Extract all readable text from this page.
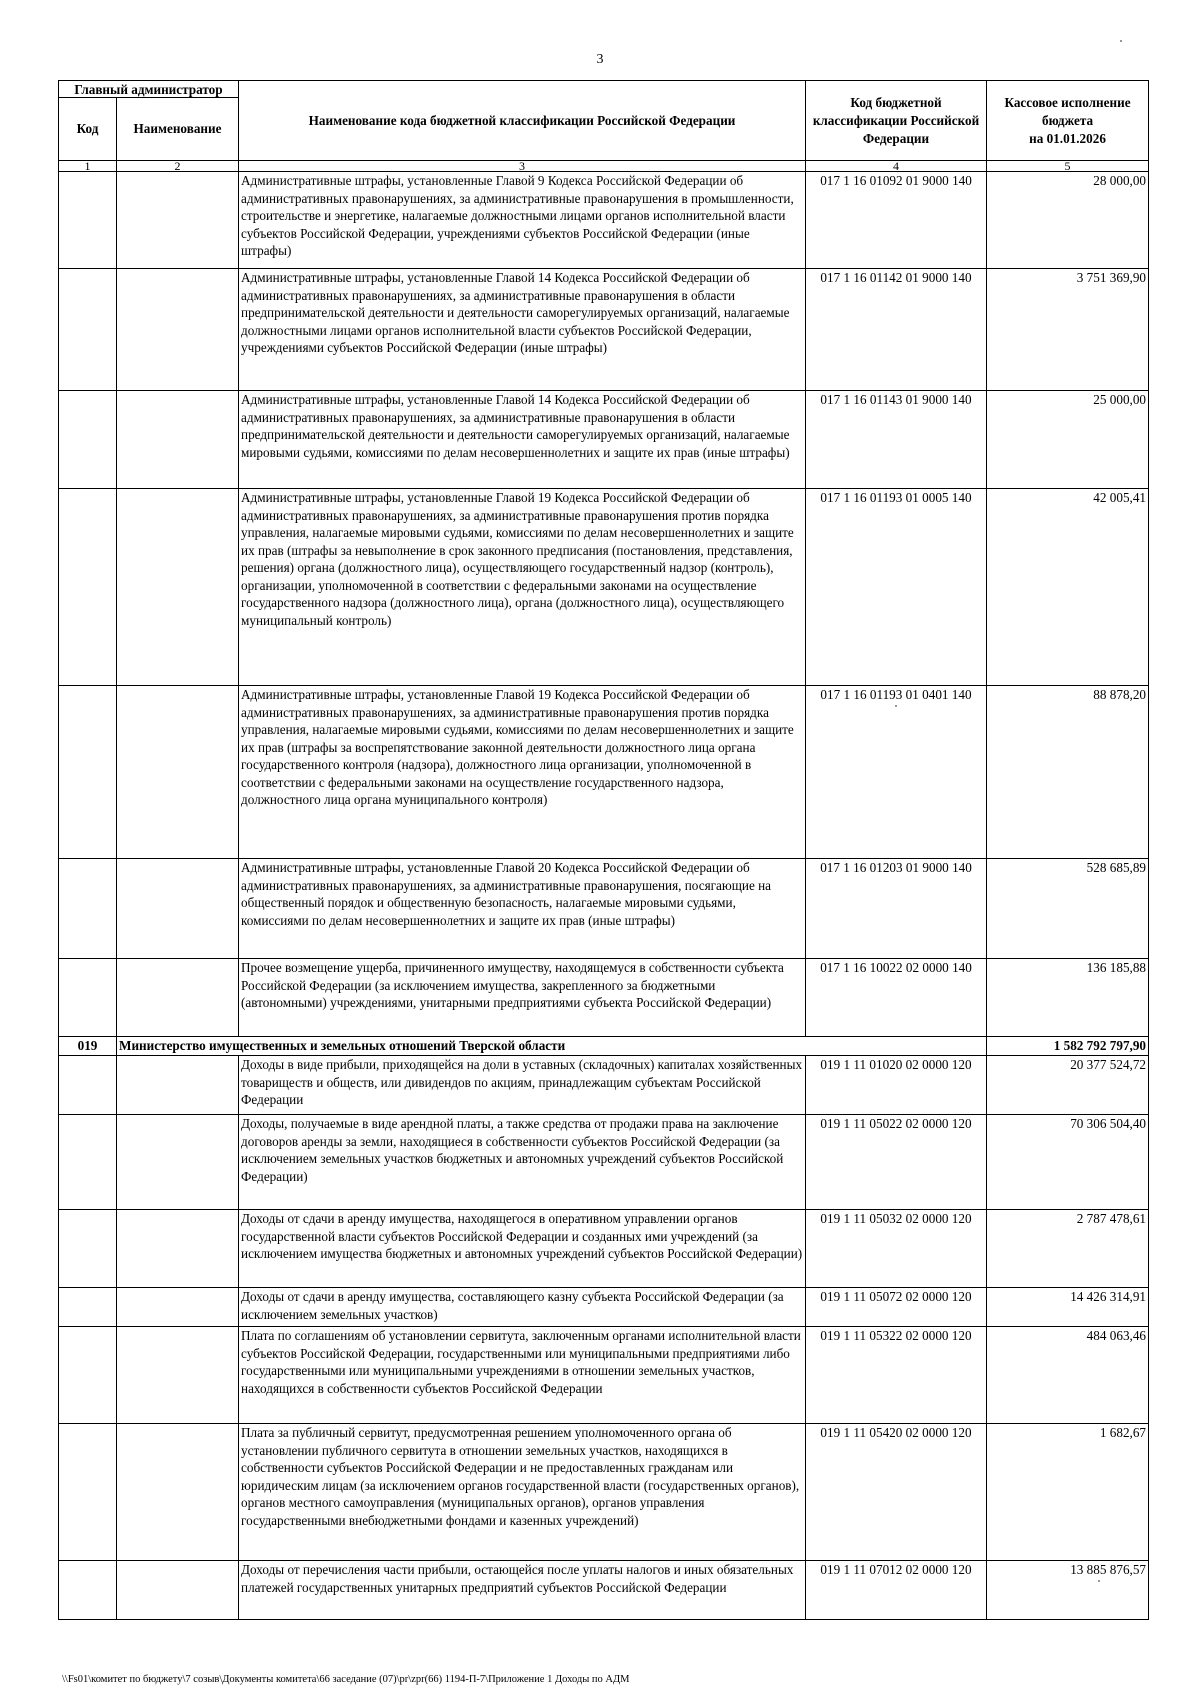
3
Главный администратор		Наименование кода бюджетной классификации Российской Федерации	Код бюджетной классификации Российской Федерации	Кассовое исполнение бюджета
на 01.01.2026
Код	Наименование			
1	2	3	4	5
		Административные штрафы, установленные Главой 9 Кодекса Российской Федерации об административных правонарушениях, за административные правонарушения в промышленности, строительстве и энергетике, налагаемые должностными лицами органов исполнительной власти субъектов Российской Федерации, учреждениями субъектов Российской Федерации (иные штрафы)	017 1 16 01092 01 9000 140	28 000,00
		Административные штрафы, установленные Главой 14 Кодекса Российской Федерации об административных правонарушениях, за административные правонарушения в области предпринимательской деятельности и деятельности саморегулируемых организаций, налагаемые должностными лицами органов исполнительной власти субъектов Российской Федерации, учреждениями субъектов Российской Федерации (иные штрафы)	017 1 16 01142 01 9000 140	3 751 369,90
		Административные штрафы, установленные Главой 14 Кодекса Российской Федерации об административных правонарушениях, за административные правонарушения в области предпринимательской деятельности и деятельности саморегулируемых организаций, налагаемые мировыми судьями, комиссиями по делам несовершеннолетних и защите их прав (иные штрафы)	017 1 16 01143 01 9000 140	25 000,00
		Административные штрафы, установленные Главой 19 Кодекса Российской Федерации об административных правонарушениях, за административные правонарушения против порядка управления, налагаемые мировыми судьями, комиссиями по делам несовершеннолетних и защите их прав (штрафы за невыполнение в срок законного предписания (постановления, представления, решения) органа (должностного лица), осуществляющего государственный надзор (контроль), организации, уполномоченной в соответствии с федеральными законами на осуществление государственного надзора (должностного лица), органа (должностного лица), осуществляющего муниципальный контроль)	017 1 16 01193 01 0005 140	42 005,41
		Административные штрафы, установленные Главой 19 Кодекса Российской Федерации об административных правонарушениях, за административные правонарушения против порядка управления, налагаемые мировыми судьями, комиссиями по делам несовершеннолетних и защите их прав (штрафы за воспрепятствование законной деятельности должностного лица органа государственного контроля (надзора), должностного лица организации, уполномоченной в соответствии с федеральными законами на осуществление государственного надзора, должностного лица органа муниципального контроля)	017 1 16 01193 01 0401 140	88 878,20
		Административные штрафы, установленные Главой 20 Кодекса Российской Федерации об административных правонарушениях, за административные правонарушения, посягающие на общественный порядок и общественную безопасность, налагаемые мировыми судьями, комиссиями по делам несовершеннолетних и защите их прав (иные штрафы)	017 1 16 01203 01 9000 140	528 685,89
		Прочее возмещение ущерба, причиненного имуществу, находящемуся в собственности субъекта Российской Федерации (за исключением имущества, закрепленного за бюджетными (автономными) учреждениями, унитарными предприятиями субъекта Российской Федерации)	017 1 16 10022 02 0000 140	136 185,88
019	Министерство имущественных и земельных отношений Тверской области			1 582 792 797,90
		Доходы в виде прибыли, приходящейся на доли в уставных (складочных) капиталах хозяйственных товариществ и обществ, или дивидендов по акциям, принадлежащим субъектам Российской Федерации	019 1 11 01020 02 0000 120	20 377 524,72
		Доходы, получаемые в виде арендной платы, а также средства от продажи права на заключение договоров аренды за земли, находящиеся в собственности субъектов Российской Федерации (за исключением земельных участков бюджетных и автономных учреждений субъектов Российской Федерации)	019 1 11 05022 02 0000 120	70 306 504,40
		Доходы от сдачи в аренду имущества, находящегося в оперативном управлении органов государственной власти субъектов Российской Федерации и созданных ими учреждений (за исключением имущества бюджетных и автономных учреждений субъектов Российской Федерации)	019 1 11 05032 02 0000 120	2 787 478,61
		Доходы от сдачи в аренду имущества, составляющего казну субъекта Российской Федерации (за исключением земельных участков)	019 1 11 05072 02 0000 120	14 426 314,91
		Плата по соглашениям об установлении сервитута, заключенным органами исполнительной власти субъектов Российской Федерации, государственными или муниципальными предприятиями либо государственными или муниципальными учреждениями в отношении земельных участков, находящихся в собственности субъектов Российской Федерации	019 1 11 05322 02 0000 120	484 063,46
		Плата за публичный сервитут, предусмотренная решением уполномоченного органа об установлении публичного сервитута в отношении земельных участков, находящихся в собственности субъектов Российской Федерации и не предоставленных гражданам или юридическим лицам (за исключением органов государственной власти (государственных органов), органов местного самоуправления (муниципальных органов), органов управления государственными внебюджетными фондами и казенных учреждений)	019 1 11 05420 02 0000 120	1 682,67
		Доходы от перечисления части прибыли, остающейся после уплаты налогов и иных обязательных платежей государственных унитарных предприятий субъектов Российской Федерации	019 1 11 07012 02 0000 120	13 885 876,57
\\Fs01\комитет по бюджету\7 созыв\Документы комитета\66 заседание (07)\pr\zpr(66) 1194-П-7\Приложение 1 Доходы по АДМ
